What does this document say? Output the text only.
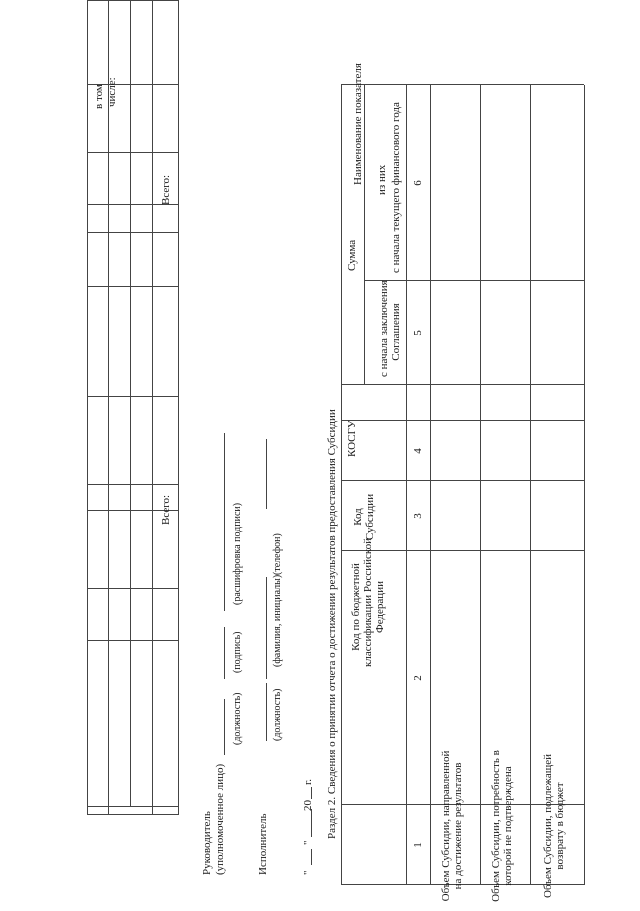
в том числе:
Всего:
Всего:
Руководитель (уполномоченное лицо)
(должность)
(подпись)
(расшифровка подписи)
Исполнитель
(должность)
(фамилия, инициалы)
(телефон)
"
"
20
г. Раздел 2. Сведения о принятии отчета о достижении результатов предоставления Субсидии
Наименование показателя
Код по бюджетной классификации Российской Федерации
Код Субсидии
КОСГУ
Сумма
с начала заключения Соглашения
из них с начала текущего финансового года
1
2
3
4
5
6
Объем Субсидии, направленной на достижение результатов Объем Субсидии, потребность в которой не подтверждена	Объем Субсидии, подлежащей возврату в бюджет
